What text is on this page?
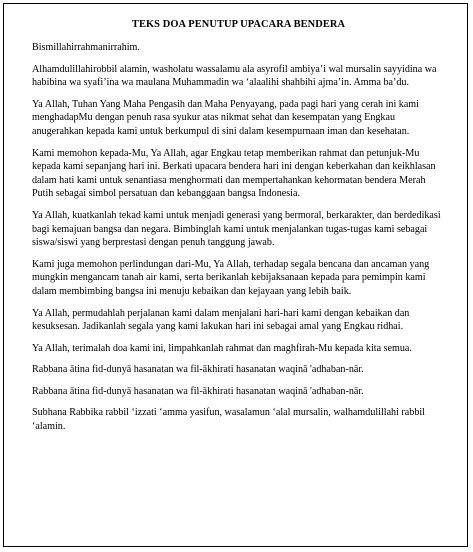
TEKS DOA PENUTUP UPACARA BENDERA

Bismillahirrahmanirrahim.

Alhamdulillahirobbil alamin, washolatu wassalamu ala asyrofil ambiya’i wal mursalin sayyidina wa habibina wa syafi’ina wa maulana Muhammadin wa ‘alaalihi shahbihi ajma’in. Amma ba’du.

Ya Allah, Tuhan Yang Maha Pengasih dan Maha Penyayang, pada pagi hari yang cerah ini kami menghadapMu dengan penuh rasa syukur atas nikmat sehat dan kesempatan yang Engkau anugerahkan kepada kami untuk berkumpul di sini dalam kesempurnaan iman dan kesehatan.

Kami memohon kepada-Mu, Ya Allah, agar Engkau tetap memberikan rahmat dan petunjuk-Mu kepada kami sepanjang hari ini. Berkati upacara bendera hari ini dengan keberkahan dan keikhlasan dalam hati kami untuk senantiasa menghormati dan mempertahankan kehormatan bendera Merah Putih sebagai simbol persatuan dan kebanggaan bangsa Indonesia.

Ya Allah, kuatkanlah tekad kami untuk menjadi generasi yang bermoral, berkarakter, dan berdedikasi bagi kemajuan bangsa dan negara. Bimbinglah kami untuk menjalankan tugas-tugas kami sebagai siswa/siswi yang berprestasi dengan penuh tanggung jawab.

Kami juga memohon perlindungan dari-Mu, Ya Allah, terhadap segala bencana dan ancaman yang mungkin mengancam tanah air kami, serta berikanlah kebijaksanaan kepada para pemimpin kami dalam membimbing bangsa ini menuju kebaikan dan kejayaan yang lebih baik.

Ya Allah, permudahlah perjalanan kami dalam menjalani hari-hari kami dengan kebaikan dan kesuksesan. Jadikanlah segala yang kami lakukan hari ini sebagai amal yang Engkau ridhai.

Ya Allah, terimalah doa kami ini, limpahkanlah rahmat dan maghfirah-Mu kepada kita semua.

Rabbana ātina fid-dunyā hasanatan wa fil-ākhirati hasanatan waqinā 'adhaban-nār.

Rabbana ātina fid-dunyā hasanatan wa fil-ākhirati hasanatan waqinā 'adhaban-nār.

Subhana Rabbika rabbil ‘izzati ‘amma yasifun, wasalamun ‘alal mursalin, walhamdulillahi rabbil ‘alamin.
